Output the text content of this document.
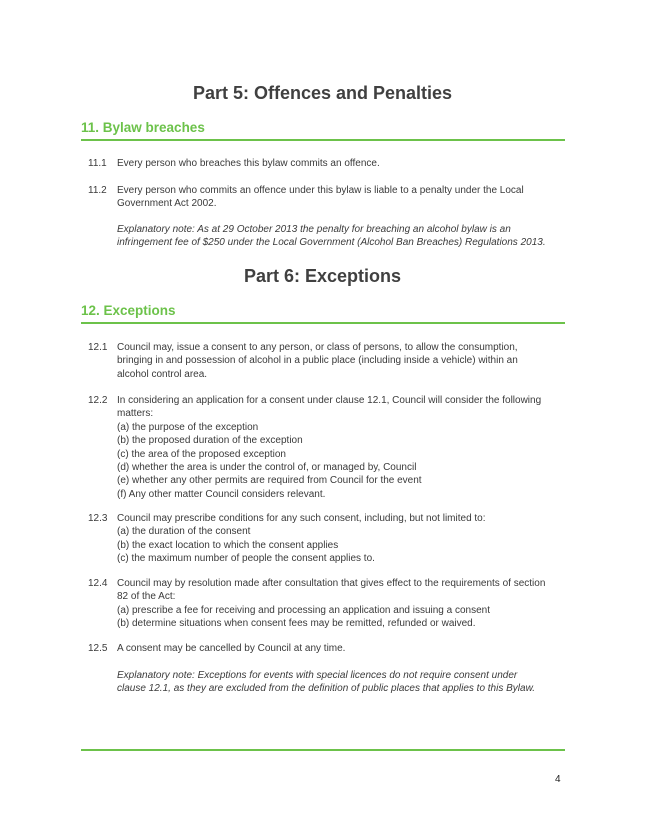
Part 5: Offences and Penalties
11. Bylaw breaches
11.1	Every person who breaches this bylaw commits an offence.
11.2	Every person who commits an offence under this bylaw is liable to a penalty under the Local
Government Act 2002.
Explanatory note: As at 29 October 2013 the penalty for breaching an alcohol bylaw is an
infringement fee of $250 under the Local Government (Alcohol Ban Breaches) Regulations 2013.
Part 6: Exceptions
12. Exceptions
12.1 Council may, issue a consent to any person, or class of persons, to allow the consumption,
bringing in and possession of alcohol in a public place (including inside a vehicle) within an
alcohol control area.
12.2 In considering an application for a consent under clause 12.1, Council will consider the following
matters:
(a) the purpose of the exception
(b) the proposed duration of the exception
(c) the area of the proposed exception
(d) whether the area is under the control of, or managed by, Council
(e) whether any other permits are required from Council for the event
(f) Any other matter Council considers relevant.
12.3 Council may prescribe conditions for any such consent, including, but not limited to:
(a) the duration of the consent
(b) the exact location to which the consent applies
(c) the maximum number of people the consent applies to.
12.4 Council may by resolution made after consultation that gives effect to the requirements of section
82 of the Act:
(a) prescribe a fee for receiving and processing an application and issuing a consent
(b) determine situations when consent fees may be remitted, refunded or waived.
12.5 A consent may be cancelled by Council at any time.
Explanatory note: Exceptions for events with special licences do not require consent under
clause 12.1, as they are excluded from the definition of public places that applies to this Bylaw.
4
